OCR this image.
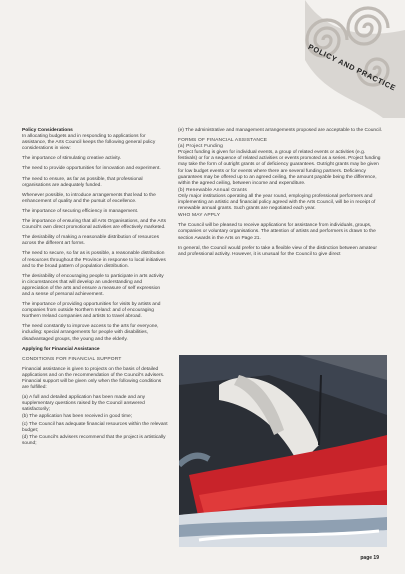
POLICY AND PRACTICE

Policy Considerations

In allocating budgets and in responding to applications for assistance, the Arts Council keeps the following general policy considerations in view:

The importance of stimulating creative activity.

The need to provide opportunities for innovation and experiment.

The need to ensure, as far as possible, that professional organisations are adequately funded.

Whenever possible, to introduce arrangements that lead to the enhancement of quality and the pursuit of excellence.

The importance of securing efficiency in management.

The importance of ensuring that all Arts Organisations, and the Arts Council's own direct promotional activities are effectively marketed.

The desirability of making a reasonable distribution of resources across the different art forms.

The need to secure, so far as is possible, a reasonable distribution of resources throughout the Province in response to local initiatives and to the broad pattern of population distribution.

The desirability of encouraging people to participate in arts activity in circumstances that will develop an understanding and appreciation of the arts and ensure a measure of self expression and a sense of personal achievement.

The importance of providing opportunities for visits by artists and companies from outside Northern Ireland: and of encouraging Northern Ireland companies and artists to travel abroad.

The need constantly to improve access to the arts for everyone, including: special arrangements for people with disabilities, disadvantaged groups, the young and the elderly.

Applying for Financial Assistance

CONDITIONS FOR FINANCIAL SUPPORT

Financial assistance is given to projects on the basis of detailed applications and on the recommendation of the Council's advisers. Financial support will be given only when the following conditions are fulfilled:

(a) A full and detailed application has been made and any supplementary questions raised by the Council answered satisfactorily;

(b) The application has been received in good time;

(c) The Council has adequate financial resources within the relevant budget;

(d) The Council's advisers recommend that the project is artistically sound;

(e) The administrative and management arrangements proposed are acceptable to the Council.

FORMS OF FINANCIAL ASSISTANCE

(a) Project Funding

Project funding is given for individual events, a group of related events or activities (e.g. festivals) or for a sequence of related activities or events promoted as a series. Project funding may take the form of outright grants or of deficiency guarantees. Outright grants may be given for low budget events or for events where there are several funding partners. Deficiency guarantees may be offered up to an agreed ceiling, the amount payable being the difference, within the agreed ceiling, between income and expenditure.

(b) Renewable Annual Grants

Only major institutions operating all the year round, employing professional performers and implementing an artistic and financial policy agreed with the Arts Council, will be in receipt of renewable annual grants. Such grants are negotiated each year.

WHO MAY APPLY

The Council will be pleased to receive applications for assistance from individuals, groups, companies or voluntary organisations. The attention of artists and performers is drawn to the section Awards in the Arts on Page 21.

In general, the Council would prefer to take a flexible view of the distinction between amateur and professional activity. However, it is unusual for the Council to give direct

page 19
